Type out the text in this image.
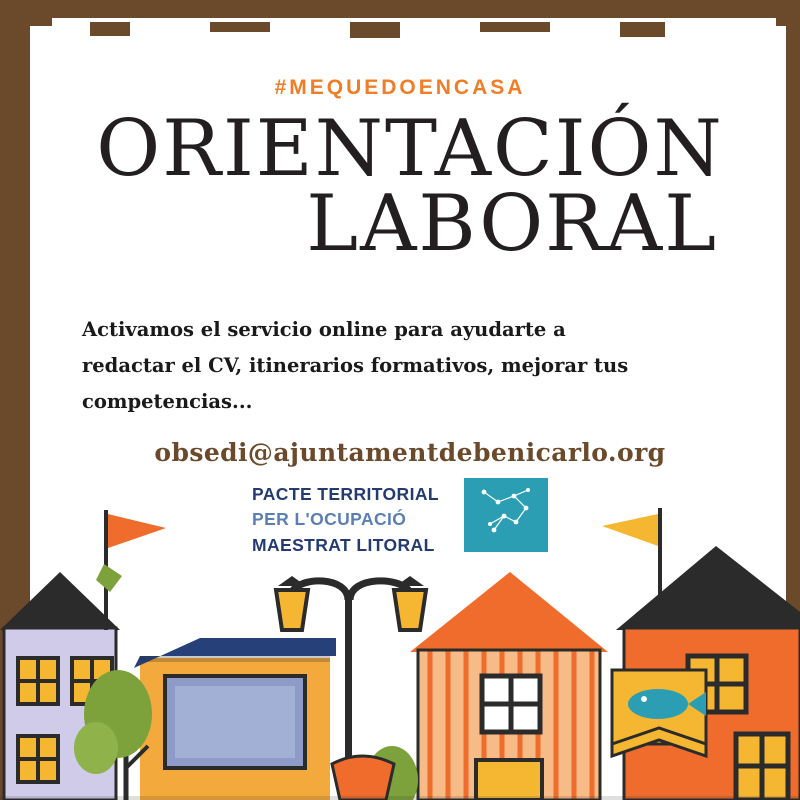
#MEQUEDOENCASA
ORIENTACIÓN
LABORAL
Activamos el servicio online para ayudarte a redactar el CV, itinerarios formativos, mejorar tus competencias...
obsedi@ajuntamentdebenicarlo.org
PACTE TERRITORIAL
PER L'OCUPACIÓ
MAESTRAT LITORAL
